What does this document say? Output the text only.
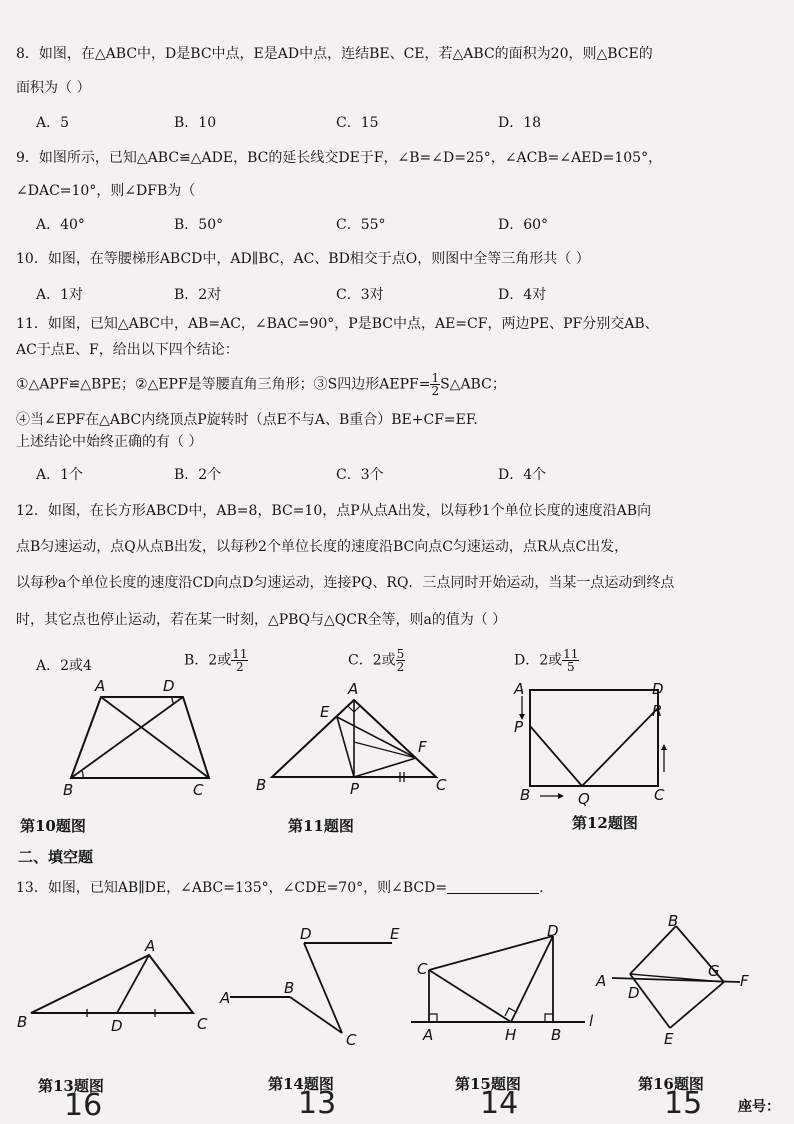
8．如图，在△ABC中，D是BC中点，E是AD中点，连结BE、CE，若△ABC的面积为20，则△BCE的
面积为（ ）
A．5	B．10	C．15	D．18
9．如图所示，已知△ABC≌△ADE，BC的延长线交DE于F，∠B=∠D=25°，∠ACB=∠AED=105°，
∠DAC=10°，则∠DFB为（
A．40°	B．50°	C．55°	D．60°
10．如图，在等腰梯形ABCD中，AD∥BC，AC、BD相交于点O，则图中全等三角形共（ ）
A．1对	B．2对	C．3对	D．4对
11．如图，已知△ABC中，AB=AC，∠BAC=90°，P是BC中点，AE=CF，两边PE、PF分别交AB、
AC于点E、F，给出以下四个结论：
①△APF≌△BPE；②△EPF是等腰直角三角形；③S四边形AEPF= $\frac{1}{2}$ S△ABC；
④当∠EPF在△ABC内绕顶点P旋转时（点E不与A、B重合）BE+CF=EF.
上述结论中始终正确的有（ ）
A．1个	B．2个	C．3个	D．4个
12．如图，在长方形ABCD中，AB=8，BC=10，点P从点A出发，以每秒1个单位长度的速度沿AB向
点B匀速运动，点Q从点B出发，以每秒2个单位长度的速度沿BC向点C匀速运动，点R从点C出发，
以每秒a个单位长度的速度沿CD向点D匀速运动，连接PQ、RQ．三点同时开始运动，当某一点运动到终点
时，其它点也停止运动，若在某一时刻，△PBQ与△QCR全等，则a的值为（ ）
A．2或4	B．2或 $\frac{11}{2}$	C．2或 $\frac{5}{2}$	D．2或 $\frac{11}{5}$
A	D
B	C
A
E
F
B	P	C
A	D
P
R
B	Q	C
第10题图	第11题图	第12题图
二、填空题
13．如图，已知AB∥DE，∠ABC=135°，∠CDE=70°，则∠BCD=	.
A
B	D	C
D	E
A
B
C
D
C
A	H B
l
B
A
D
G
F
E
第13题图	第14题图	第15题图	第16题图
16	13	14	15	座号：
